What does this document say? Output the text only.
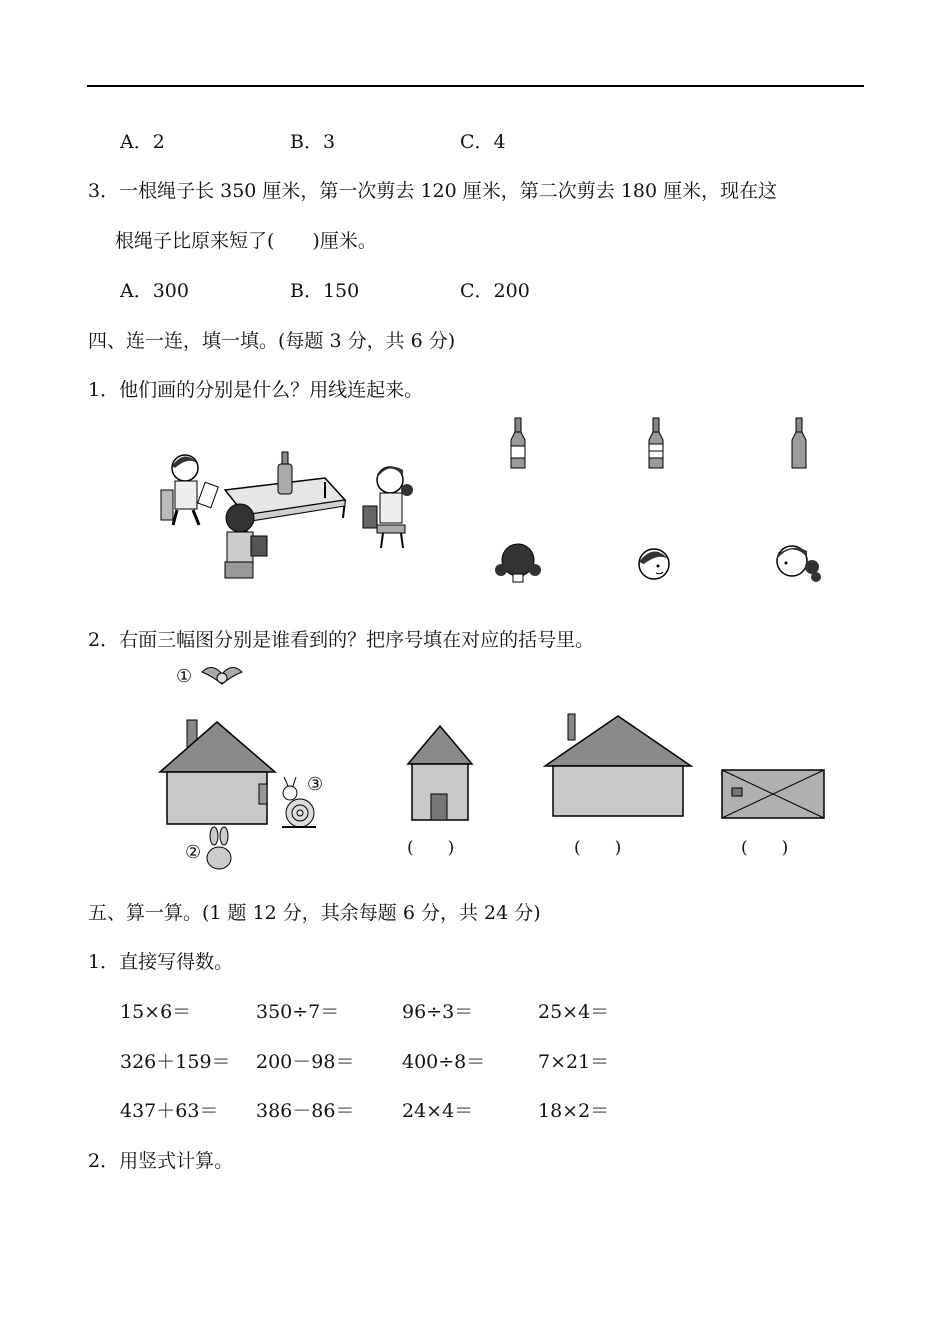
A．2	B．3	C．4
3．一根绳子长 350 厘米，第一次剪去 120 厘米，第二次剪去 180 厘米，现在这
根绳子比原来短了(　　)厘米。
A．300	B．150	C．200
四、连一连，填一填。(每题 3 分，共 6 分)
1．他们画的分别是什么？用线连起来。
2．右面三幅图分别是谁看到的？把序号填在对应的括号里。
①
③
②	(　　)	(　　)	(　　)
五、算一算。(1 题 12 分，其余每题 6 分，共 24 分)
1．直接写得数。
15×6＝	350÷7＝	96÷3＝	25×4＝
326＋159＝ 200－98＝	400÷8＝	7×21＝
437＋63＝ 386－86＝	24×4＝	18×2＝
2．用竖式计算。
